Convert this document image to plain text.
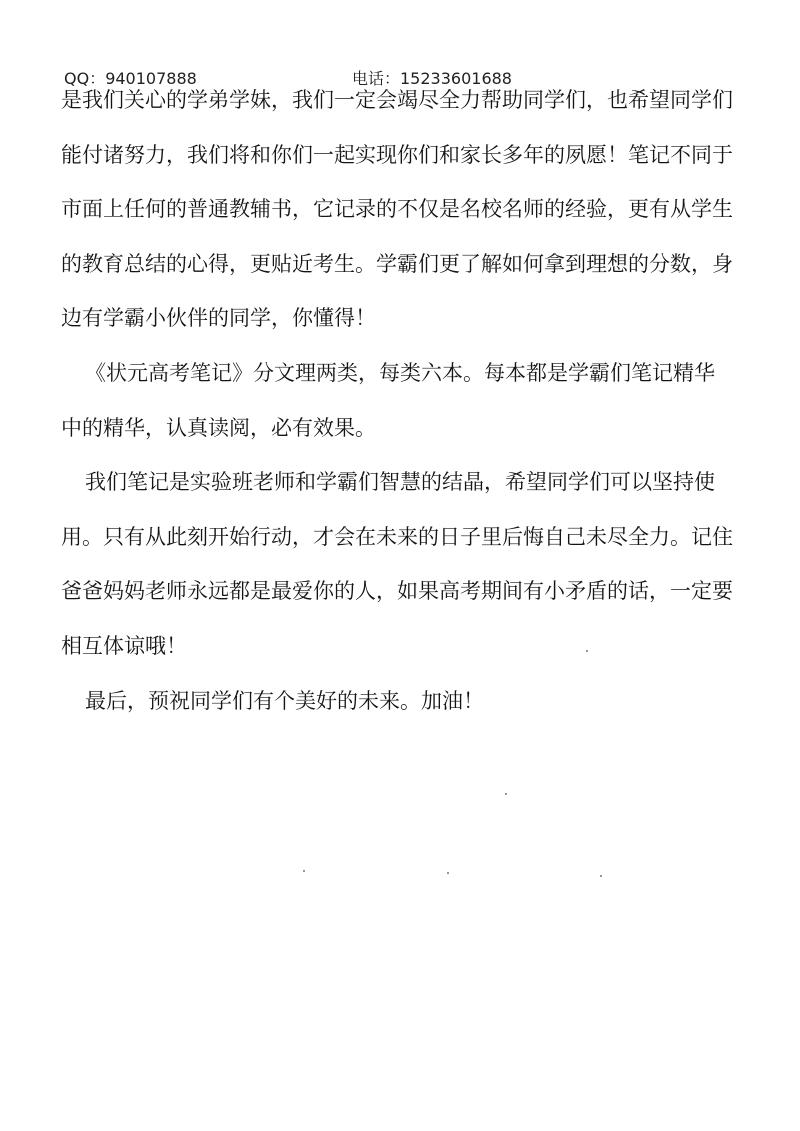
QQ：940107888	电话：15233601688
是我们关心的学弟学妹，我们一定会竭尽全力帮助同学们，也希望同学们
能付诸努力，我们将和你们一起实现你们和家长多年的夙愿！笔记不同于
市面上任何的普通教辅书，它记录的不仅是名校名师的经验，更有从学生
的教育总结的心得，更贴近考生。学霸们更了解如何拿到理想的分数，身
边有学霸小伙伴的同学，你懂得！
《状元高考笔记》分文理两类，每类六本。每本都是学霸们笔记精华
中的精华，认真读阅，必有效果。
我们笔记是实验班老师和学霸们智慧的结晶，希望同学们可以坚持使
用。只有从此刻开始行动，才会在未来的日子里后悔自己未尽全力。记住
爸爸妈妈老师永远都是最爱你的人，如果高考期间有小矛盾的话，一定要
相互体谅哦！
最后，预祝同学们有个美好的未来。加油！
